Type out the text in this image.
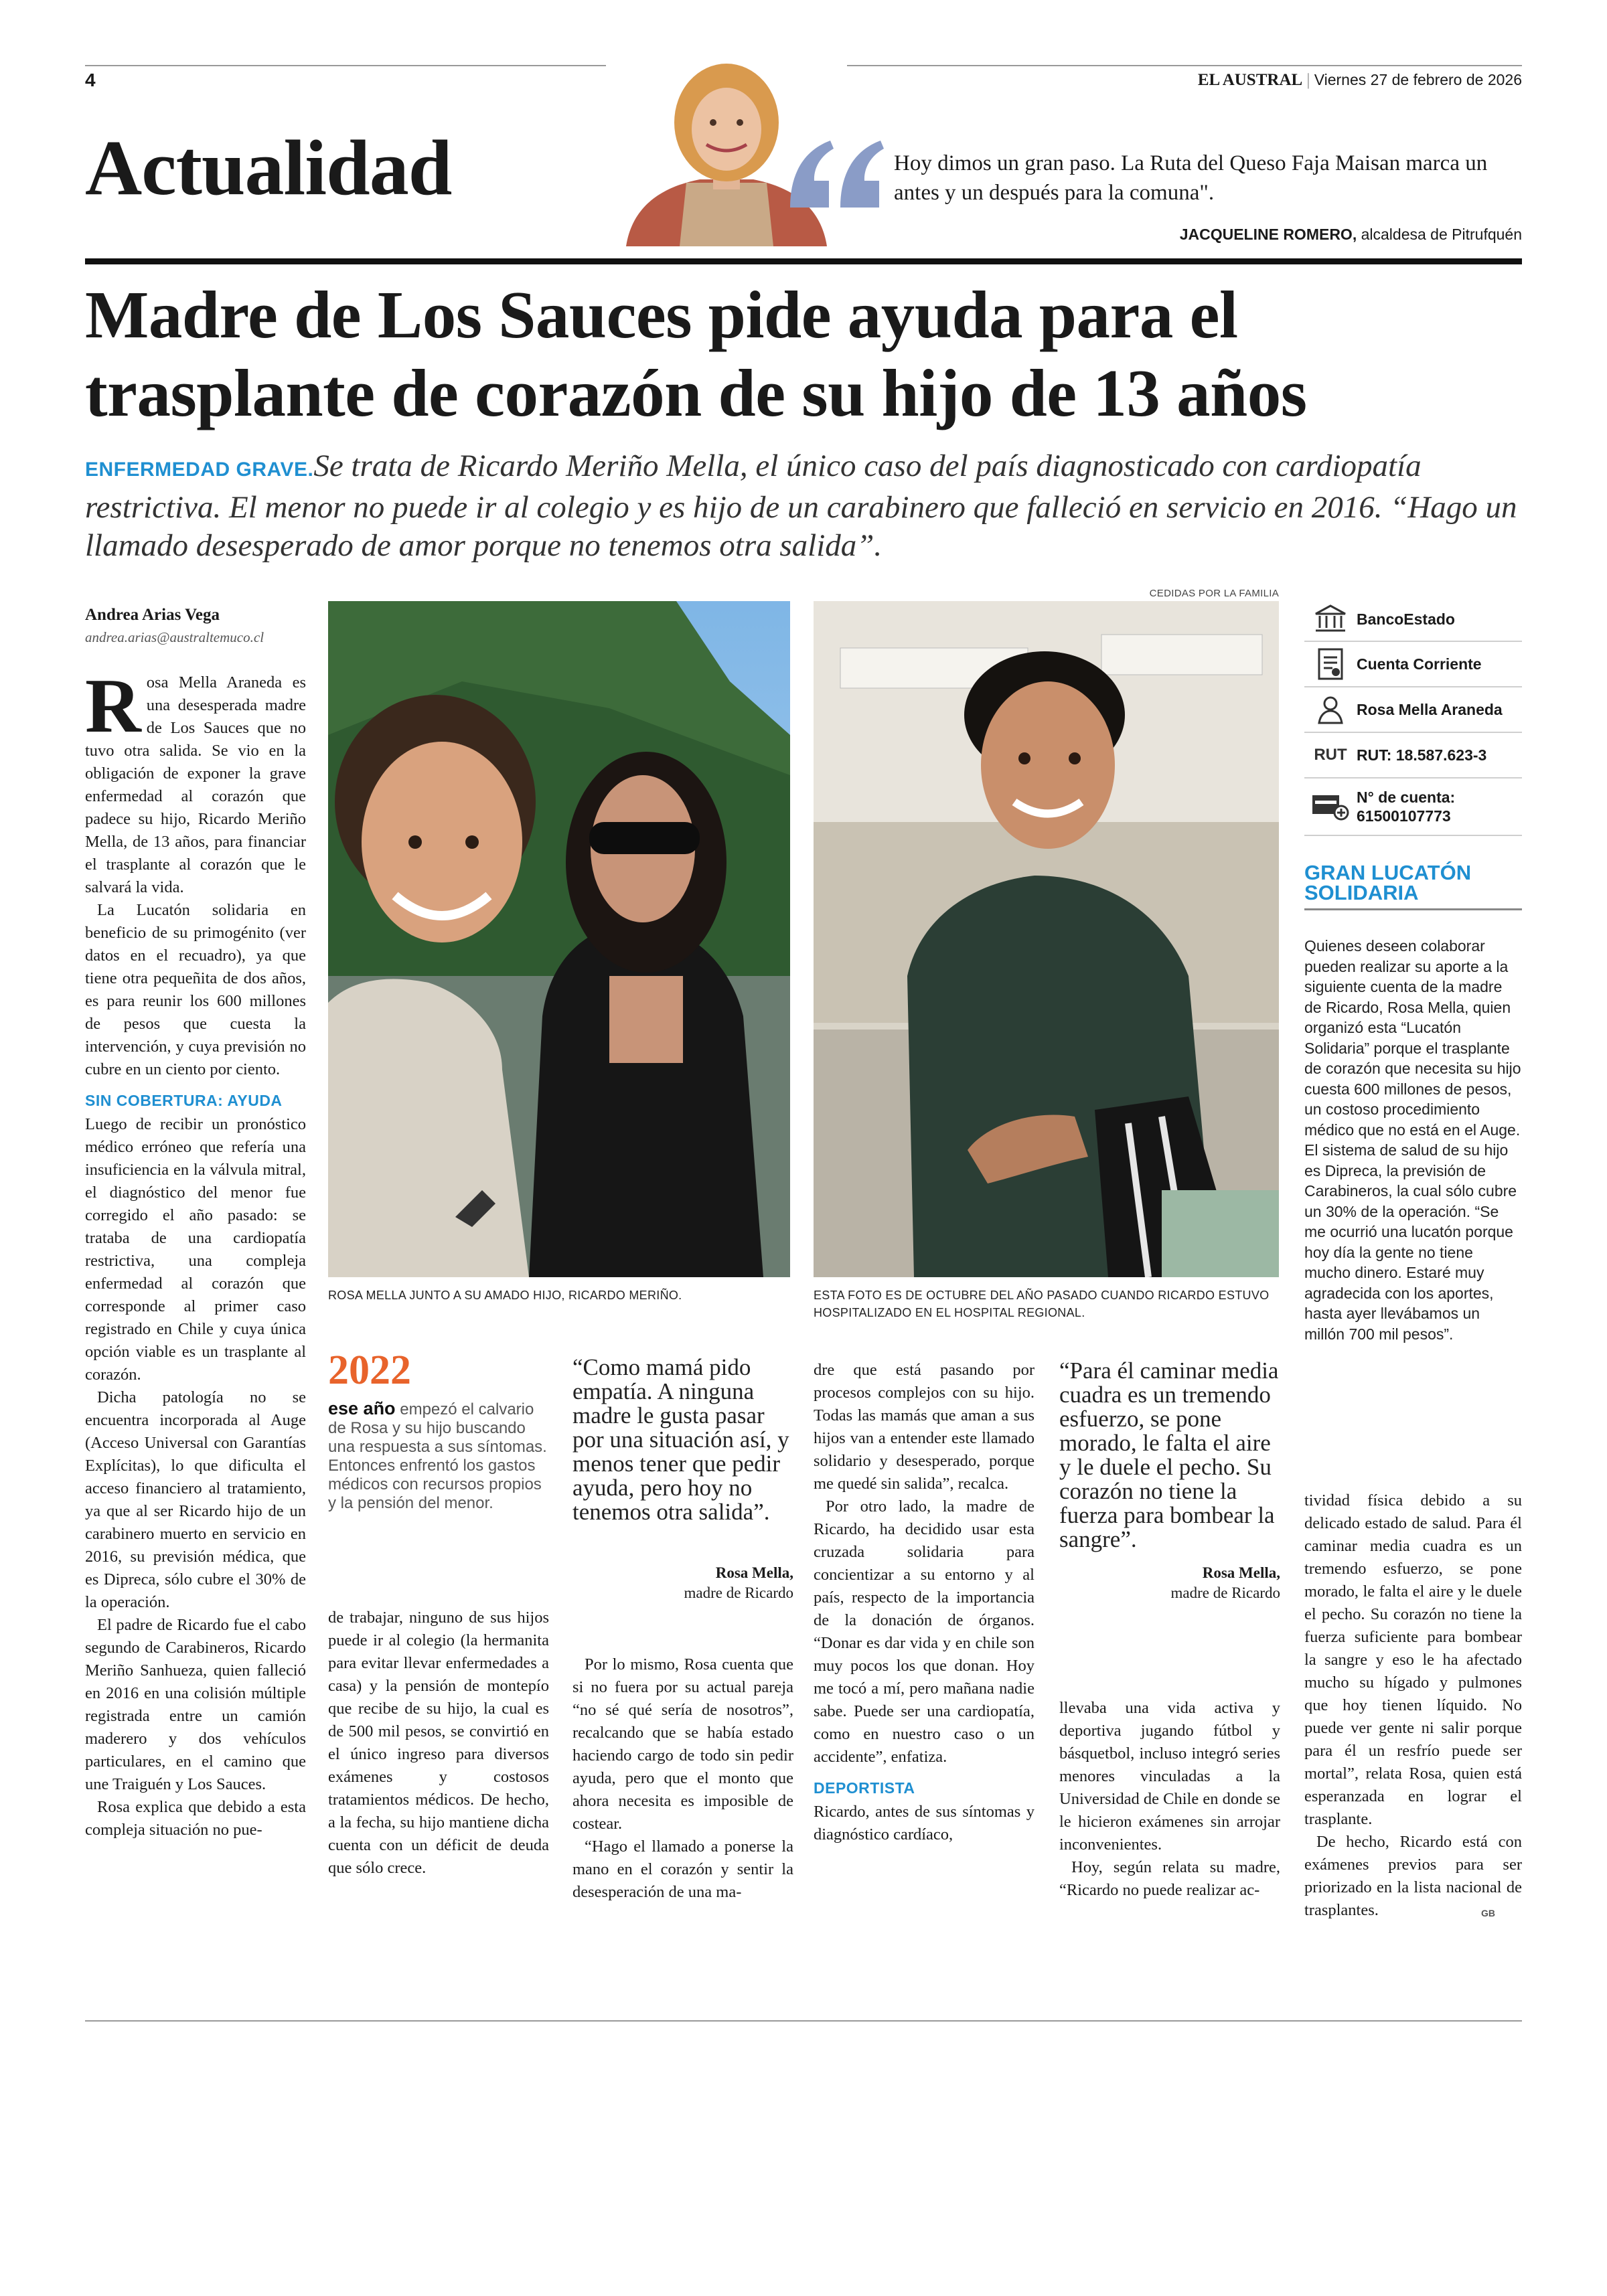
4	EL AUSTRAL | Viernes 27 de febrero de 2026
Actualidad	Hoy dimos un gran paso. La Ruta del Queso Faja Maisan marca un antes y un después para la comuna".
JACQUELINE ROMERO, alcaldesa de Pitrufquén
Madre de Los Sauces pide ayuda para el
trasplante de corazón de su hijo de 13 años
ENFERMEDAD GRAVE.Se trata de Ricardo Meriño Mella, el único caso del país diagnosticado con cardiopatía restrictiva. El menor no puede ir al colegio y es hijo de un carabinero que falleció en servicio en 2016. “Hago un llamado desesperado de amor porque no tenemos otra salida”.
Andrea Arias Vega
andrea.arias@australtemuco.cl

Rosa Mella Araneda es una desesperada madre de Los Sauces que no tuvo otra salida. Se vio en la obligación de exponer la grave enfermedad al corazón que padece su hijo, Ricardo Meriño Mella, de 13 años, para financiar el trasplante al corazón que le salvará la vida.

La Lucatón solidaria en beneficio de su primogénito (ver datos en el recuadro), ya que tiene otra pequeñita de dos años, es para reunir los 600 millones de pesos que cuesta la intervención, y cuya previsión no cubre en un ciento por ciento.

SIN COBERTURA: AYUDA

Luego de recibir un pronóstico médico erróneo que refería una insuficiencia en la válvula mitral, el diagnóstico del menor fue corregido el año pasado: se trataba de una cardiopatía restrictiva, una compleja enfermedad al corazón que corresponde al primer caso registrado en Chile y cuya única opción viable es un trasplante al corazón.

Dicha patología no se encuentra incorporada al Auge (Acceso Universal con Garantías Explícitas), lo que dificulta el acceso financiero al tratamiento, ya que al ser Ricardo hijo de un carabinero muerto en servicio en 2016, su previsión médica, que es Dipreca, sólo cubre el 30% de la operación.

El padre de Ricardo fue el cabo segundo de Carabineros, Ricardo Meriño Sanhueza, quien falleció en 2016 en una colisión múltiple registrada entre un camión maderero y dos vehículos particulares, en el camino que une Traiguén y Los Sauces.

Rosa explica que debido a esta compleja situación no pue-

ROSA MELLA JUNTO A SU AMADO HIJO, RICARDO MERIÑO.
CEDIDAS POR LA FAMILIA
ESTA FOTO ES DE OCTUBRE DEL AÑO PASADO CUANDO RICARDO ESTUVO HOSPITALIZADO EN EL HOSPITAL REGIONAL.
BancoEstado
Cuenta Corriente
Rosa Mella Araneda
RUT RUT: 18.587.623-3
N° de cuenta:
61500107773
GRAN LUCATÓN
SOLIDARIA
Quienes deseen colaborar pueden realizar su aporte a la siguiente cuenta de la madre de Ricardo, Rosa Mella, quien organizó esta “Lucatón Solidaria” porque el trasplante de corazón que necesita su hijo cuesta 600 millones de pesos, un costoso procedimiento médico que no está en el Auge. El sistema de salud de su hijo es Dipreca, la previsión de Carabineros, la cual sólo cubre un 30% de la operación. “Se me ocurrió una lucatón porque hoy día la gente no tiene mucho dinero. Estaré muy agradecida con los aportes, hasta ayer llevábamos un millón 700 mil pesos”.
2022
ese año empezó el calvario de Rosa y su hijo buscando una respuesta a sus síntomas. Entonces enfrentó los gastos médicos con recursos propios y la pensión del menor.
“Como mamá pido empatía. A ninguna madre le gusta pasar por una situación así, y menos tener que pedir ayuda, pero hoy no tenemos otra salida”.
Rosa Mella,
madre de Ricardo

de trabajar, ninguno de sus hijos puede ir al colegio (la hermanita para evitar llevar enfermedades a casa) y la pensión de montepío que recibe de su hijo, la cual es de 500 mil pesos, se convirtió en el único ingreso para diversos exámenes y costosos tratamientos médicos. De hecho, a la fecha, su hijo mantiene dicha cuenta con un déficit de deuda que sólo crece.

Por lo mismo, Rosa cuenta que si no fuera por su actual pareja “no sé qué sería de nosotros”, recalcando que se había estado haciendo cargo de todo sin pedir ayuda, pero que el monto que ahora necesita es imposible de costear.

“Hago el llamado a ponerse la mano en el corazón y sentir la desesperación de una ma-

dre que está pasando por procesos complejos con su hijo. Todas las mamás que aman a sus hijos van a entender este llamado solidario y desesperado, porque me quedé sin salida”, recalca.

Por otro lado, la madre de Ricardo, ha decidido usar esta cruzada solidaria para concientizar a su entorno y al país, respecto de la importancia de la donación de órganos. “Donar es dar vida y en chile son muy pocos los que donan. Hoy me tocó a mí, pero mañana nadie sabe. Puede ser una cardiopatía, como en nuestro caso o un accidente”, enfatiza.

DEPORTISTA

Ricardo, antes de sus síntomas y diagnóstico cardíaco,

“Para él caminar media cuadra es un tremendo esfuerzo, se pone morado, le falta el aire y le duele el pecho. Su corazón no tiene la fuerza para bombear la sangre”.
Rosa Mella,
madre de Ricardo

llevaba una vida activa y deportiva jugando fútbol y básquetbol, incluso integró series menores vinculadas a la Universidad de Chile en donde se le hicieron exámenes sin arrojar inconvenientes.

Hoy, según relata su madre, “Ricardo no puede realizar ac-

tividad física debido a su delicado estado de salud. Para él caminar media cuadra es un tremendo esfuerzo, se pone morado, le falta el aire y le duele el pecho. Su corazón no tiene la fuerza suficiente para bombear la sangre y eso le ha afectado mucho su hígado y pulmones que hoy tienen líquido. No puede ver gente ni salir porque para él un resfrío puede ser mortal”, relata Rosa, quien está esperanzada en lograr el trasplante.

De hecho, Ricardo está con exámenes previos para ser priorizado en la lista nacional de trasplantes.	GB
